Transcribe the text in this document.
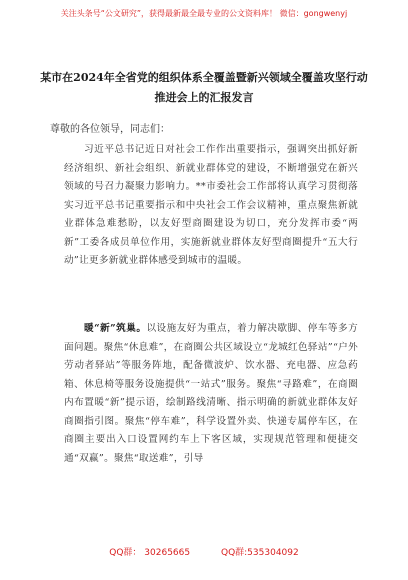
关注头条号“公文研究”，获得最新最全最专业的公文资料库！ 微信：gongwenyj
某市在2024年全省党的组织体系全覆盖暨新兴领域全覆盖攻坚行动推进会上的汇报发言
尊敬的各位领导，同志们：
习近平总书记近日对社会工作作出重要指示，强调突出抓好新经济组织、新社会组织、新就业群体党的建设，不断增强党在新兴领域的号召力凝聚力影响力。**市委社会工作部将认真学习贯彻落实习近平总书记重要指示和中央社会工作会议精神，重点聚焦新就业群体急难愁盼，以友好型商圈建设为切口，充分发挥市委“两新”工委各成员单位作用，实施新就业群体友好型商圈提升“五大行动”让更多新就业群体感受到城市的温暖。
暖“新”筑巢。以设施友好为重点，着力解决歇脚、停车等多方面问题。聚焦“休息难”，在商圈公共区域设立“龙城红色驿站”“户外劳动者驿站”等服务阵地，配备微波炉、饮水器、充电器、应急药箱、休息椅等服务设施提供“一站式”服务。聚焦“寻路难”，在商圈内布置暖“新”提示语，绘制路线清晰、指示明确的新就业群体友好商圈指引图。聚焦“停车难”，科学设置外卖、快递专属停车区，在商圈主要出入口设置网约车上下客区域，实现规范管理和便捷交通“双赢”。聚焦“取送难”，引导
QQ群： 30265665	QQ群:535304092
